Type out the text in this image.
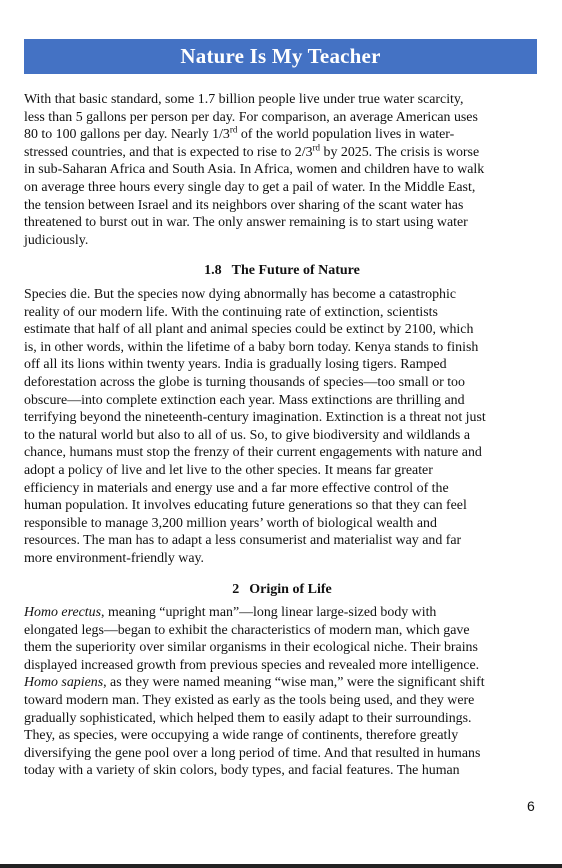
Nature Is My Teacher

With that basic standard, some 1.7 billion people live under true water scarcity,
less than 5 gallons per person per day. For comparison, an average American uses
80 to 100 gallons per day. Nearly 1/3rd of the world population lives in water-
stressed countries, and that is expected to rise to 2/3rd by 2025. The crisis is worse
in sub-Saharan Africa and South Asia. In Africa, women and children have to walk
on average three hours every single day to get a pail of water. In the Middle East,
the tension between Israel and its neighbors over sharing of the scant water has
threatened to burst out in war. The only answer remaining is to start using water
judiciously.

1.8 The Future of Nature

Species die. But the species now dying abnormally has become a catastrophic
reality of our modern life. With the continuing rate of extinction, scientists
estimate that half of all plant and animal species could be extinct by 2100, which
is, in other words, within the lifetime of a baby born today. Kenya stands to finish
off all its lions within twenty years. India is gradually losing tigers. Ramped
deforestation across the globe is turning thousands of species—too small or too
obscure—into complete extinction each year. Mass extinctions are thrilling and
terrifying beyond the nineteenth-century imagination. Extinction is a threat not just
to the natural world but also to all of us. So, to give biodiversity and wildlands a
chance, humans must stop the frenzy of their current engagements with nature and
adopt a policy of live and let live to the other species. It means far greater
efficiency in materials and energy use and a far more effective control of the
human population. It involves educating future generations so that they can feel
responsible to manage 3,200 million years’ worth of biological wealth and
resources. The man has to adapt a less consumerist and materialist way and far
more environment-friendly way.

2 Origin of Life

Homo erectus, meaning “upright man”—long linear large-sized body with
elongated legs—began to exhibit the characteristics of modern man, which gave
them the superiority over similar organisms in their ecological niche. Their brains
displayed increased growth from previous species and revealed more intelligence.
Homo sapiens, as they were named meaning “wise man,” were the significant shift
toward modern man. They existed as early as the tools being used, and they were
gradually sophisticated, which helped them to easily adapt to their surroundings.
They, as species, were occupying a wide range of continents, therefore greatly
diversifying the gene pool over a long period of time. And that resulted in humans
today with a variety of skin colors, body types, and facial features. The human

6
